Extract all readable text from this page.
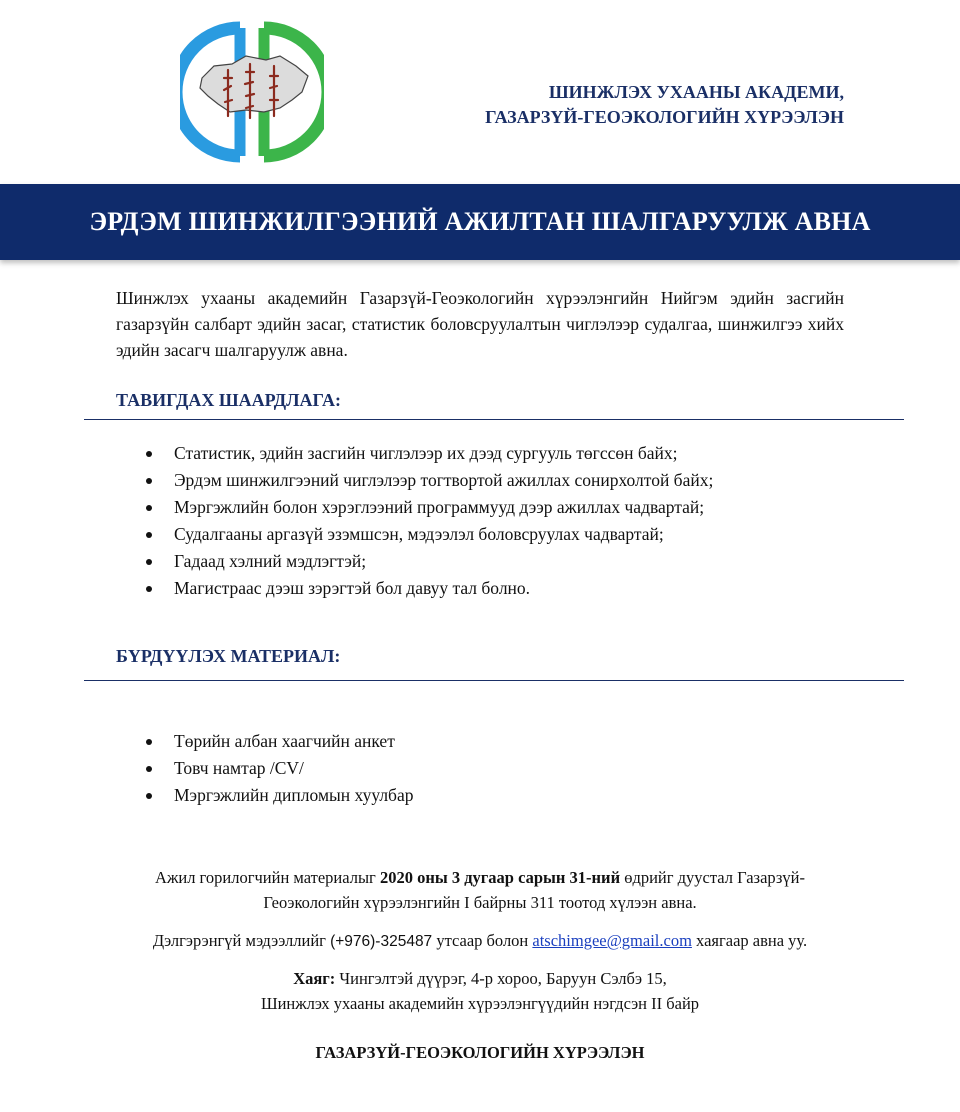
ШИНЖЛЭХ УХААНЫ АКАДЕМИ,
ГАЗАРЗҮЙ-ГЕОЭКОЛОГИЙН ХҮРЭЭЛЭН
ЭРДЭМ ШИНЖИЛГЭЭНИЙ АЖИЛТАН ШАЛГАРУУЛЖ АВНА
Шинжлэх ухааны академийн Газарзүй-Геоэкологийн хүрээлэнгийн Нийгэм эдийн засгийн газарзүйн салбарт эдийн засаг, статистик боловсруулалтын чиглэлээр судалгаа, шинжилгээ хийх эдийн засагч шалгаруулж авна.
ТАВИГДАХ ШААРДЛАГА:
Статистик, эдийн засгийн чиглэлээр их дээд сургууль төгссөн байх;
Эрдэм шинжилгээний чиглэлээр тогтвортой ажиллах сонирхолтой байх;
Мэргэжлийн болон хэрэглээний программууд дээр ажиллах чадвартай;
Судалгааны аргазүй эзэмшсэн, мэдээлэл боловсруулах чадвартай;
Гадаад хэлний мэдлэгтэй;
Магистраас дээш зэрэгтэй бол давуу тал болно.
БҮРДҮҮЛЭХ МАТЕРИАЛ:
Төрийн албан хаагчийн анкет
Товч намтар /CV/
Мэргэжлийн дипломын хуулбар
Ажил горилогчийн материалыг 2020 оны 3 дугаар сарын 31-ний өдрийг дуустал Газарзүй-
Геоэкологийн хүрээлэнгийн I байрны 311 тоотод хүлээн авна.
Дэлгэрэнгүй мэдээллийг (+976)-325487 утсаар болон atschimgee@gmail.com хаягаар авна уу.
Хаяг: Чингэлтэй дүүрэг, 4-р хороо, Баруун Сэлбэ 15,
Шинжлэх ухааны академийн хүрээлэнгүүдийн нэгдсэн II байр
ГАЗАРЗҮЙ-ГЕОЭКОЛОГИЙН ХҮРЭЭЛЭН
